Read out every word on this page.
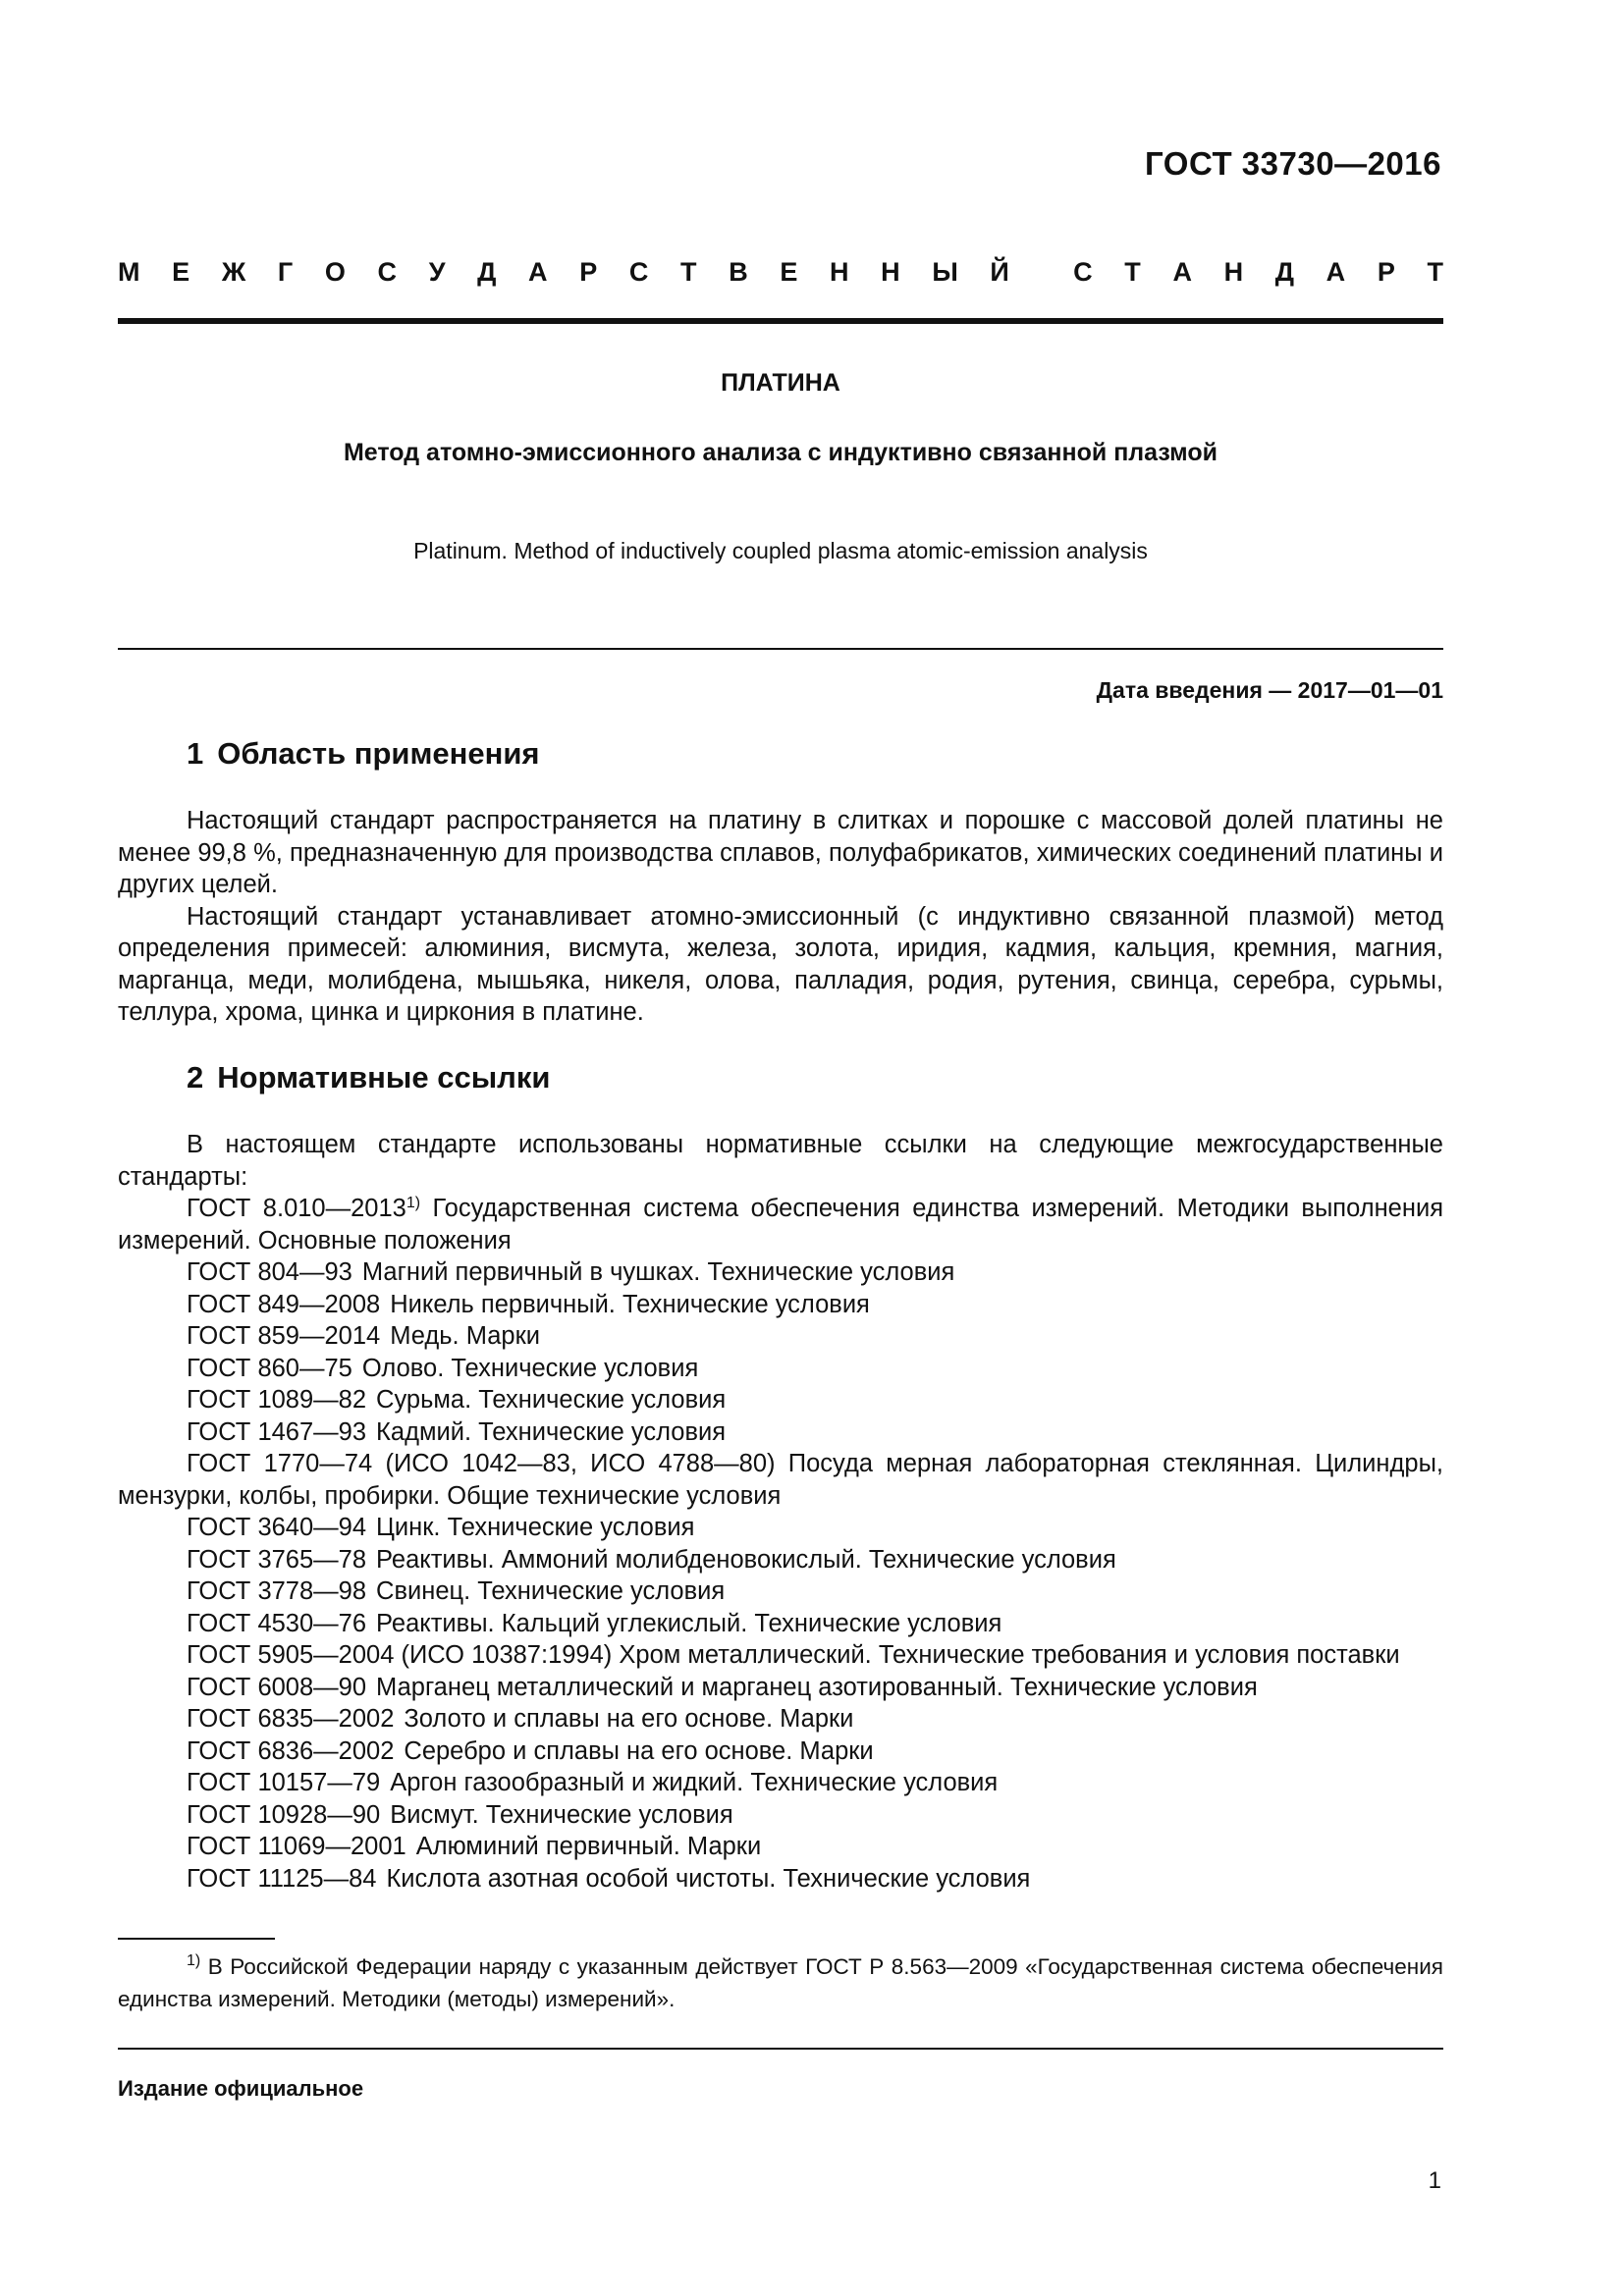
ГОСТ 33730—2016
М Е Ж Г О С У Д А Р С Т В Е Н Н Ы Й С Т А Н Д А Р Т
ПЛАТИНА
Метод атомно-эмиссионного анализа с индуктивно связанной плазмой
Platinum. Method of inductively coupled plasma atomic-emission analysis
Дата введения — 2017—01—01
1 Область применения

Настоящий стандарт распространяется на платину в слитках и порошке с массовой долей платины не менее 99,8 %, предназначенную для производства сплавов, полуфабрикатов, химических соединений платины и других целей.

Настоящий стандарт устанавливает атомно-эмиссионный (с индуктивно связанной плазмой) метод определения примесей: алюминия, висмута, железа, золота, иридия, кадмия, кальция, кремния, магния, марганца, меди, молибдена, мышьяка, никеля, олова, палладия, родия, рутения, свинца, серебра, сурьмы, теллура, хрома, цинка и циркония в платине.

2 Нормативные ссылки

В настоящем стандарте использованы нормативные ссылки на следующие межгосударственные стандарты:

ГОСТ 8.010—2013$^{1)}$ Государственная система обеспечения единства измерений. Методики выполнения измерений. Основные положения

ГОСТ 804—93 Магний первичный в чушках. Технические условия

ГОСТ 849—2008 Никель первичный. Технические условия

ГОСТ 859—2014 Медь. Марки

ГОСТ 860—75 Олово. Технические условия

ГОСТ 1089—82 Сурьма. Технические условия

ГОСТ 1467—93 Кадмий. Технические условия

ГОСТ 1770—74 (ИСО 1042—83, ИСО 4788—80) Посуда мерная лабораторная стеклянная. Цилиндры, мензурки, колбы, пробирки. Общие технические условия

ГОСТ 3640—94 Цинк. Технические условия

ГОСТ 3765—78 Реактивы. Аммоний молибденовокислый. Технические условия

ГОСТ 3778—98 Свинец. Технические условия

ГОСТ 4530—76 Реактивы. Кальций углекислый. Технические условия

ГОСТ 5905—2004 (ИСО 10387:1994) Хром металлический. Технические требования и условия поставки

ГОСТ 6008—90 Марганец металлический и марганец азотированный. Технические условия

ГОСТ 6835—2002 Золото и сплавы на его основе. Марки

ГОСТ 6836—2002 Серебро и сплавы на его основе. Марки

ГОСТ 10157—79 Аргон газообразный и жидкий. Технические условия

ГОСТ 10928—90 Висмут. Технические условия

ГОСТ 11069—2001 Алюминий первичный. Марки

ГОСТ 11125—84 Кислота азотная особой чистоты. Технические условия

$^{1)}$ В Российской Федерации наряду с указанным действует ГОСТ Р 8.563—2009 «Государственная система обеспечения единства измерений. Методики (методы) измерений».

Издание официальное
1
